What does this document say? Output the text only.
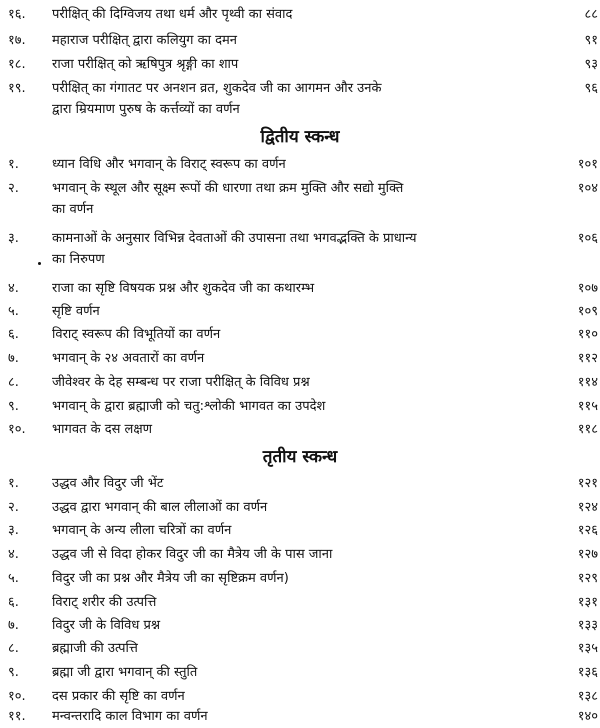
१६. परीक्षित् की दिग्विजय तथा धर्म और पृथ्वी का संवाद	८८
१७. महाराज परीक्षित् द्वारा कलियुग का दमन	९१
१८. राजा परीक्षित् को ऋषिपुत्र श्रृङ्गी का शाप	९३
१९. परीक्षित् का गंगातट पर अनशन व्रत, शुकदेव जी का आगमन और उनके	९६
द्वारा म्रियमाण पुरुष के कर्त्तव्यों का वर्णन
द्वितीय स्कन्ध
१.	ध्यान विधि और भगवान् के विराट् स्वरूप का वर्णन	१०१
२.	भगवान् के स्थूल और सूक्ष्म रूपों की धारणा तथा क्रम मुक्ति और सद्यो मुक्ति	१०४
का वर्णन
३.	कामनाओं के अनुसार विभिन्न देवताओं की उपासना तथा भगवद्भक्ति के प्राधान्य	१०६
का निरुपण
४.	राजा का सृष्टि विषयक प्रश्न और शुकदेव जी का कथारम्भ	१०७
५.	सृष्टि वर्णन	१०९
६.	विराट् स्वरूप की विभूतियों का वर्णन	११०
७.	भगवान् के २४ अवतारों का वर्णन	११२
८.	जीवेश्वर के देह सम्बन्ध पर राजा परीक्षित् के विविध प्रश्न	११४
९.	भगवान् के द्वारा ब्रह्माजी को चतु:श्लोकी भागवत का उपदेश	११५
१०. भागवत के दस लक्षण	११८
तृतीय स्कन्ध
१.	उद्धव और विदुर जी भेंट	१२१
२.	उद्धव द्वारा भगवान् की बाल लीलाओं का वर्णन	१२४
३.	भगवान् के अन्य लीला चरित्रों का वर्णन	१२६
४.	उद्धव जी से विदा होकर विदुर जी का मैत्रेय जी के पास जाना	१२७
५.	विदुर जी का प्रश्न और मैत्रेय जी का सृष्टिक्रम वर्णन)	१२९
६.	विराट् शरीर की उत्पत्ति	१३१
७.	विदुर जी के विविध प्रश्न	१३३
८.	ब्रह्माजी की उत्पत्ति	१३५
९.	ब्रह्मा जी द्वारा भगवान् की स्तुति	१३६
१०. दस प्रकार की सृष्टि का वर्णन	१३८
११. मन्वन्तरादि काल विभाग का वर्णन	१४०
